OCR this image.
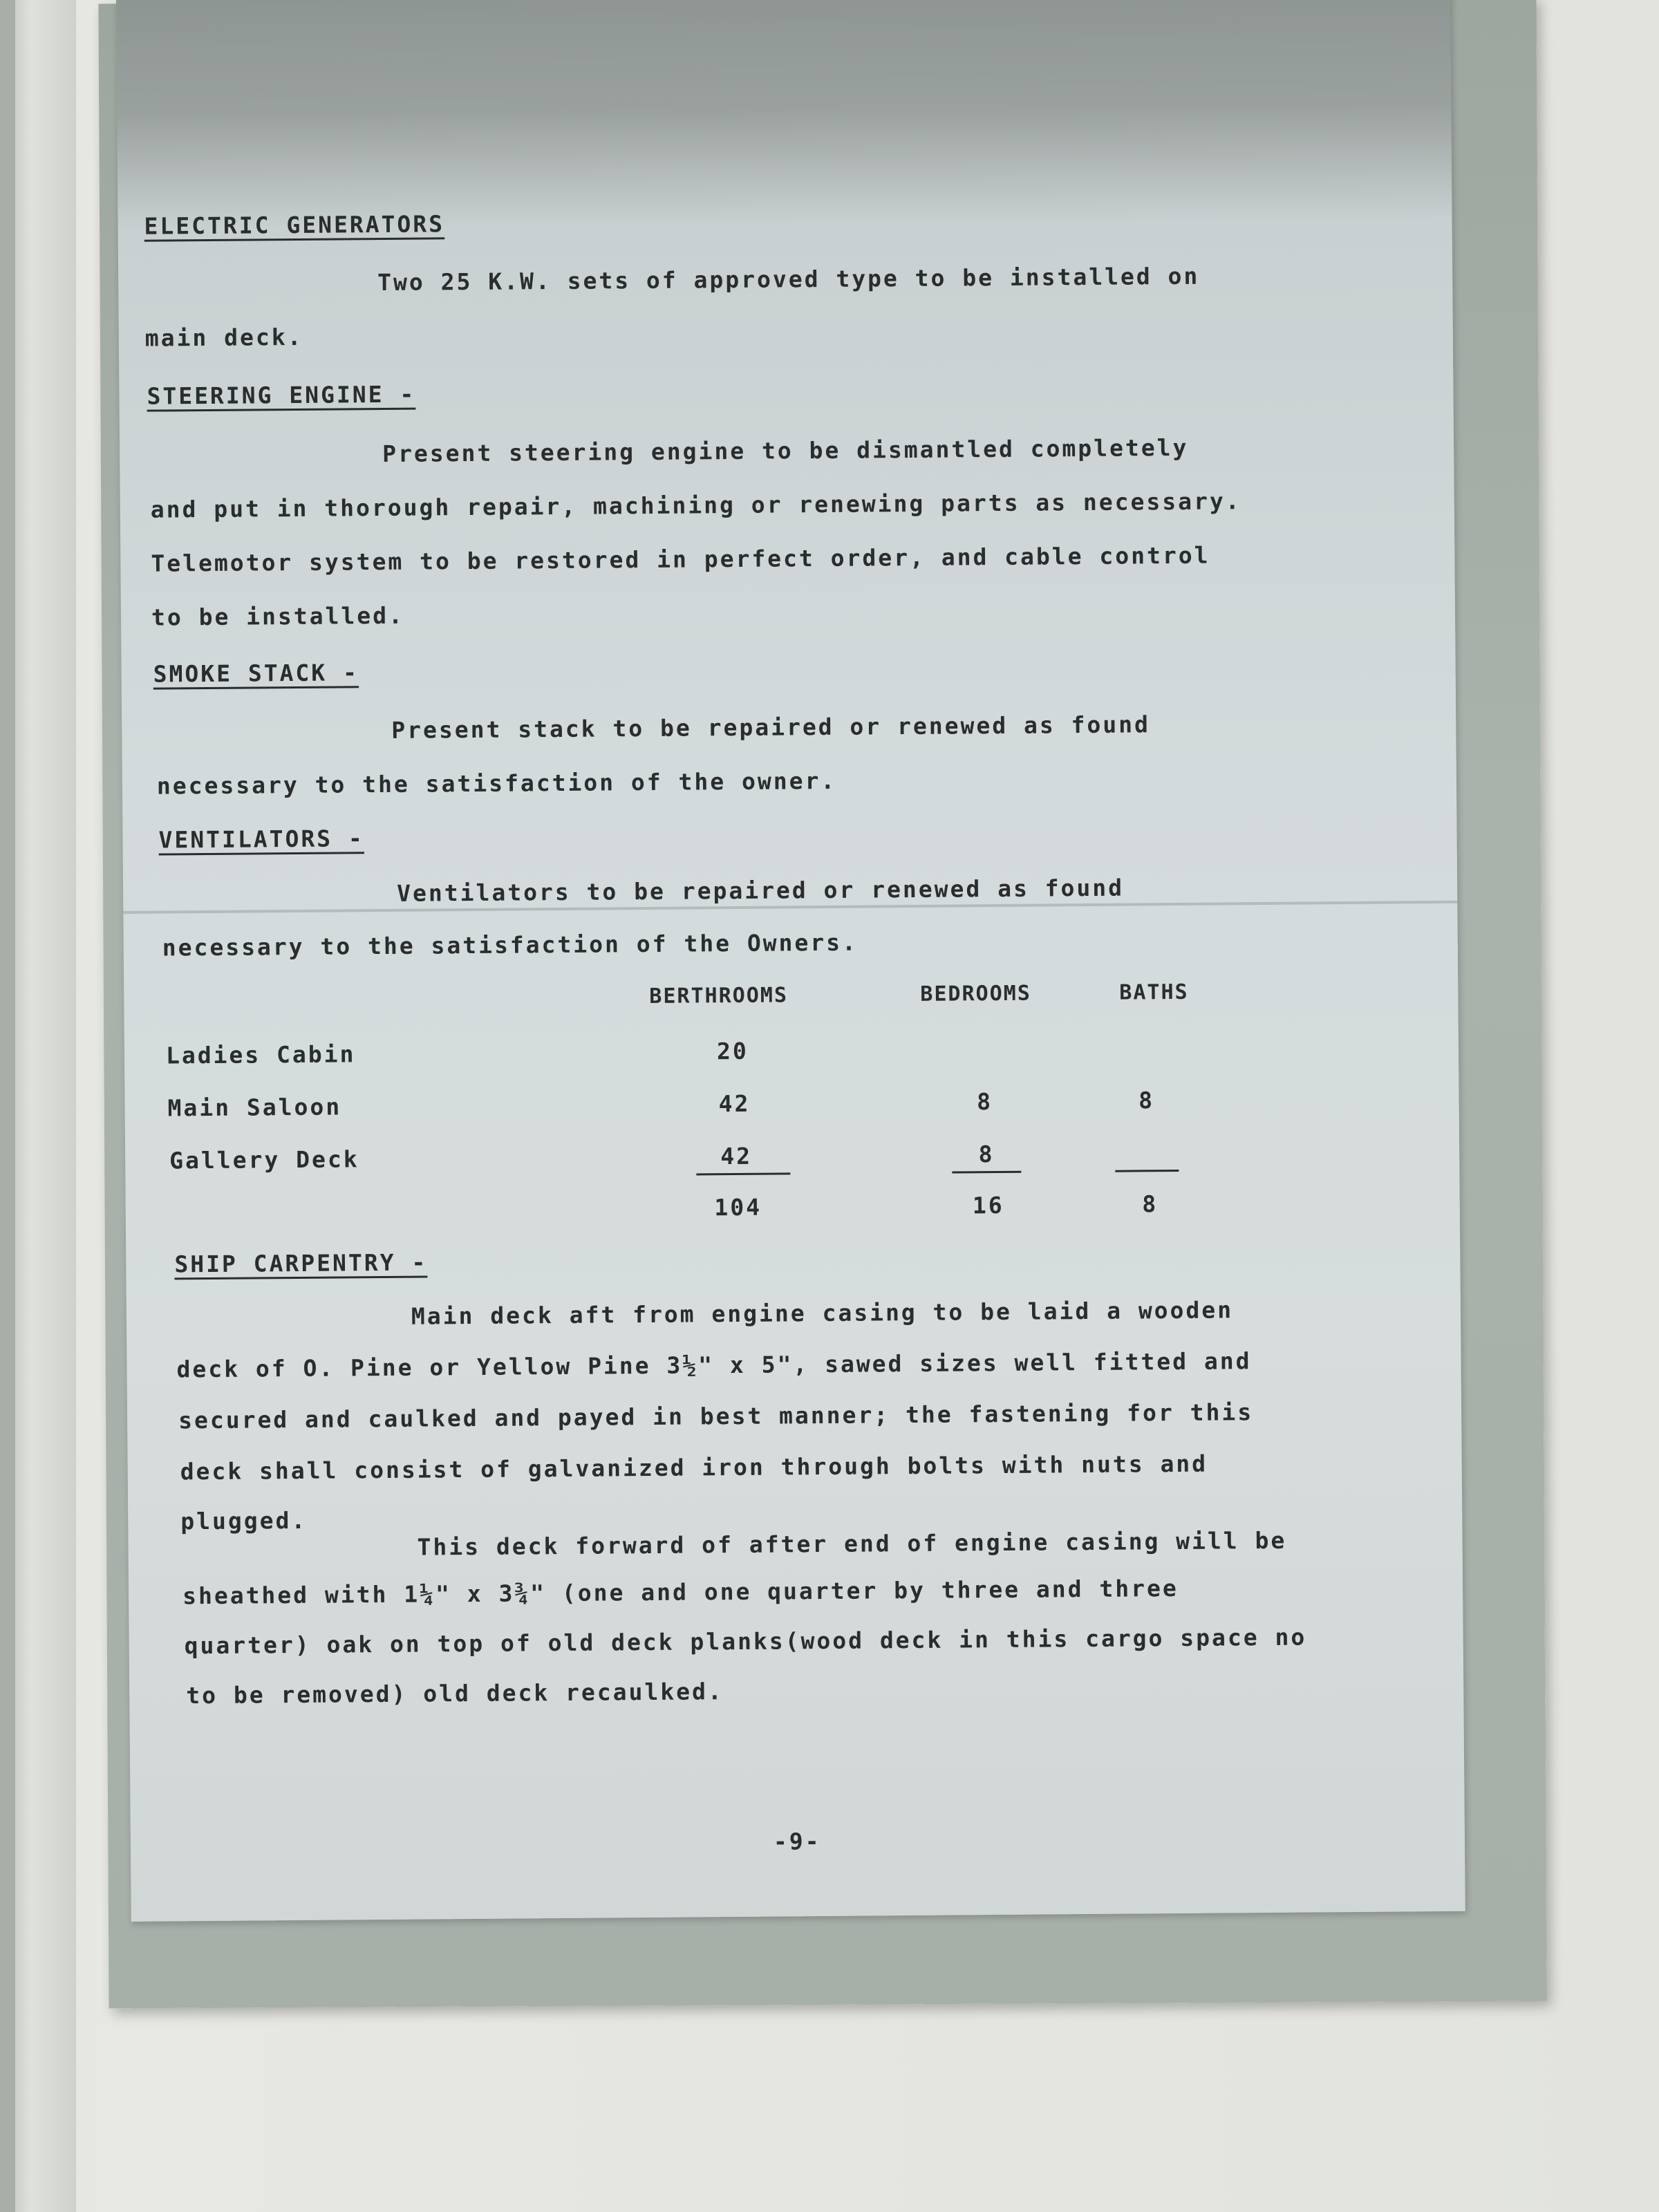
ELECTRIC GENERATORS
Two 25 K.W. sets of approved type to be installed on
main deck.
STEERING ENGINE -
Present steering engine to be dismantled completely
and put in thorough repair, machining or renewing parts as necessary.
Telemotor system to be restored in perfect order, and cable control
to be installed.
SMOKE STACK -
Present stack to be repaired or renewed as found
necessary to the satisfaction of the owner.
VENTILATORS -
Ventilators to be repaired or renewed as found
necessary to the satisfaction of the Owners.
BERTHROOMS	BEDROOMS	BATHS
Ladies Cabin	20
Main Saloon	42	8	8
Gallery Deck	42	8
104	16	8
SHIP CARPENTRY -
Main deck aft from engine casing to be laid a wooden
deck of O. Pine or Yellow Pine 3½" x 5", sawed sizes well fitted and
secured and caulked and payed in best manner; the fastening for this
deck shall consist of galvanized iron through bolts with nuts and
plugged.
This deck forward of after end of engine casing will be
sheathed with 1¼" x 3¾" (one and one quarter by three and three
quarter) oak on top of old deck planks(wood deck in this cargo space no
to be removed) old deck recaulked.
-9-
